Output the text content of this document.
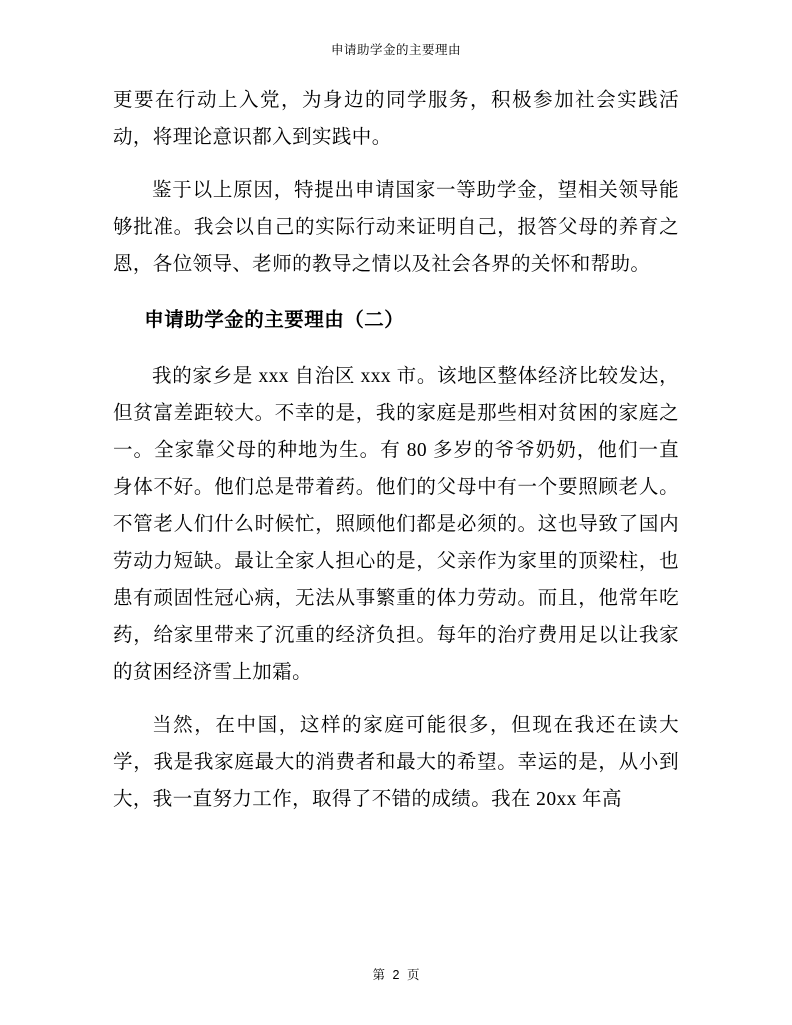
申请助学金的主要理由

更要在行动上入党，为身边的同学服务，积极参加社会实践活动，将理论意识都入到实践中。

鉴于以上原因，特提出申请国家一等助学金，望相关领导能够批准。我会以自己的实际行动来证明自己，报答父母的养育之恩，各位领导、老师的教导之情以及社会各界的关怀和帮助。

申请助学金的主要理由（二）

我的家乡是 xxx 自治区 xxx 市。该地区整体经济比较发达，但贫富差距较大。不幸的是，我的家庭是那些相对贫困的家庭之一。全家靠父母的种地为生。有 80 多岁的爷爷奶奶，他们一直身体不好。他们总是带着药。他们的父母中有一个要照顾老人。不管老人们什么时候忙，照顾他们都是必须的。这也导致了国内劳动力短缺。最让全家人担心的是，父亲作为家里的顶梁柱，也患有顽固性冠心病，无法从事繁重的体力劳动。而且，他常年吃药，给家里带来了沉重的经济负担。每年的治疗费用足以让我家的贫困经济雪上加霜。

当然，在中国，这样的家庭可能很多，但现在我还在读大学，我是我家庭最大的消费者和最大的希望。幸运的是，从小到大，我一直努力工作，取得了不错的成绩。我在 20xx 年高

第 2 页
